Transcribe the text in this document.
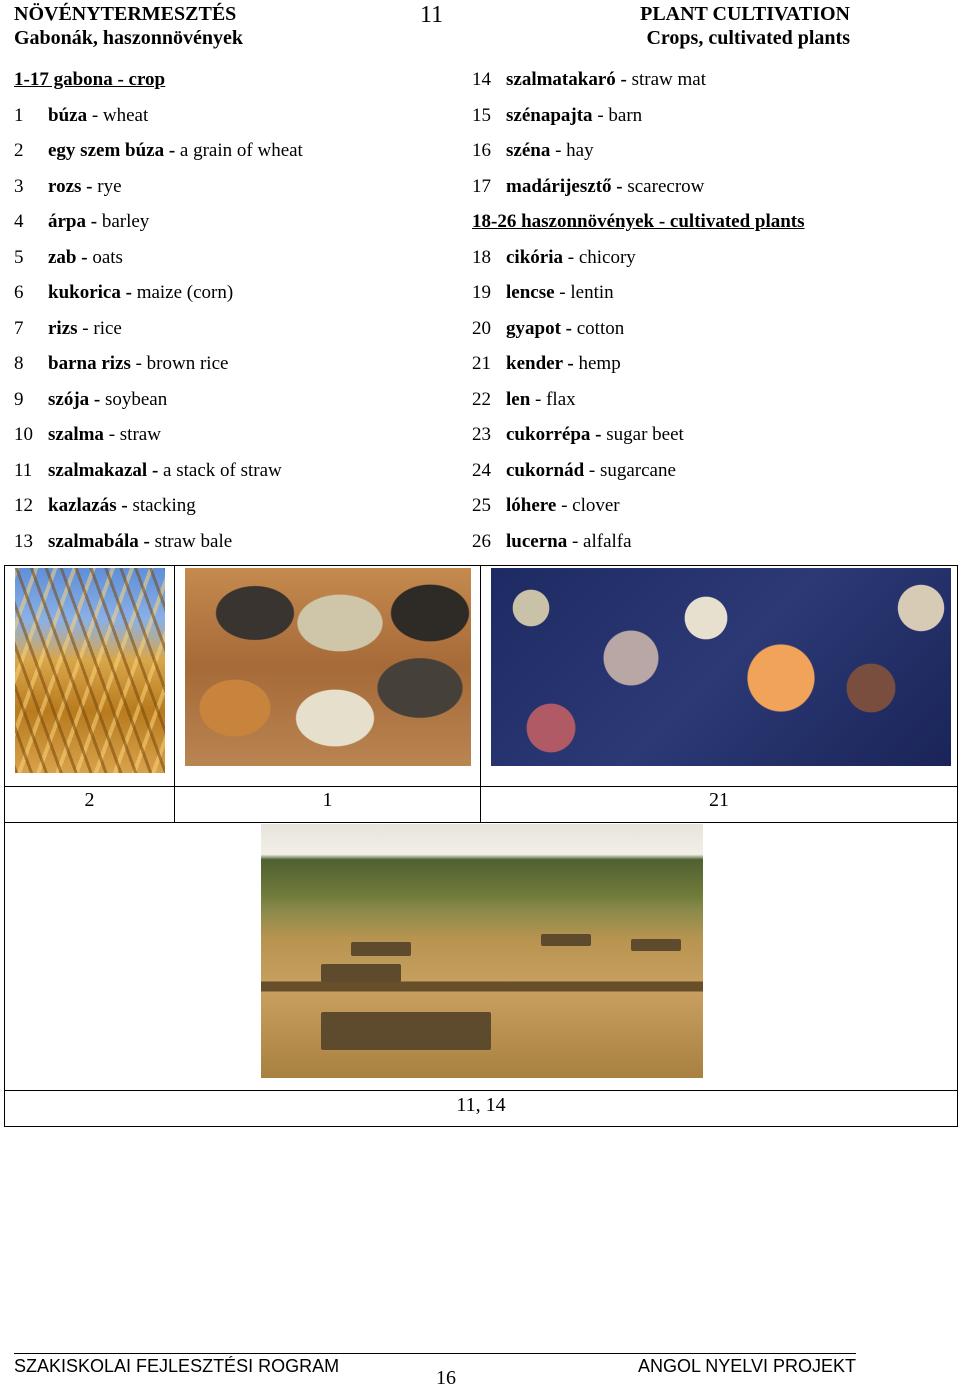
NÖVÉNYTERMESZTÉS
Gabonák, haszonnövények
11	PLANT CULTIVATION
Crops, cultivated plants
1-17 gabona - crop
1 búza - wheat
2 egy szem búza - a grain of wheat
3 rozs - rye
4 árpa - barley
5 zab - oats
6 kukorica - maize (corn)
7 rizs - rice
8 barna rizs - brown rice
9 szója - soybean
10 szalma - straw
11 szalmakazal - a stack of straw
12 kazlazás - stacking
13 szalmabála - straw bale
14 szalmatakaró - straw mat
15 szénapajta - barn
16 széna - hay
17 madárijesztő - scarecrow
18-26 haszonnövények - cultivated plants
18 cikória - chicory
19 lencse - lentin
20 gyapot - cotton
21 kender - hemp
22 len - flax
23 cukorrépa - sugar beet
24 cukornád - sugarcane
25 lóhere - clover
26 lucerna - alfalfa
2	1	21
11, 14
SZAKISKOLAI FEJLESZTÉSI ROGRAM
16
ANGOL NYELVI PROJEKT
